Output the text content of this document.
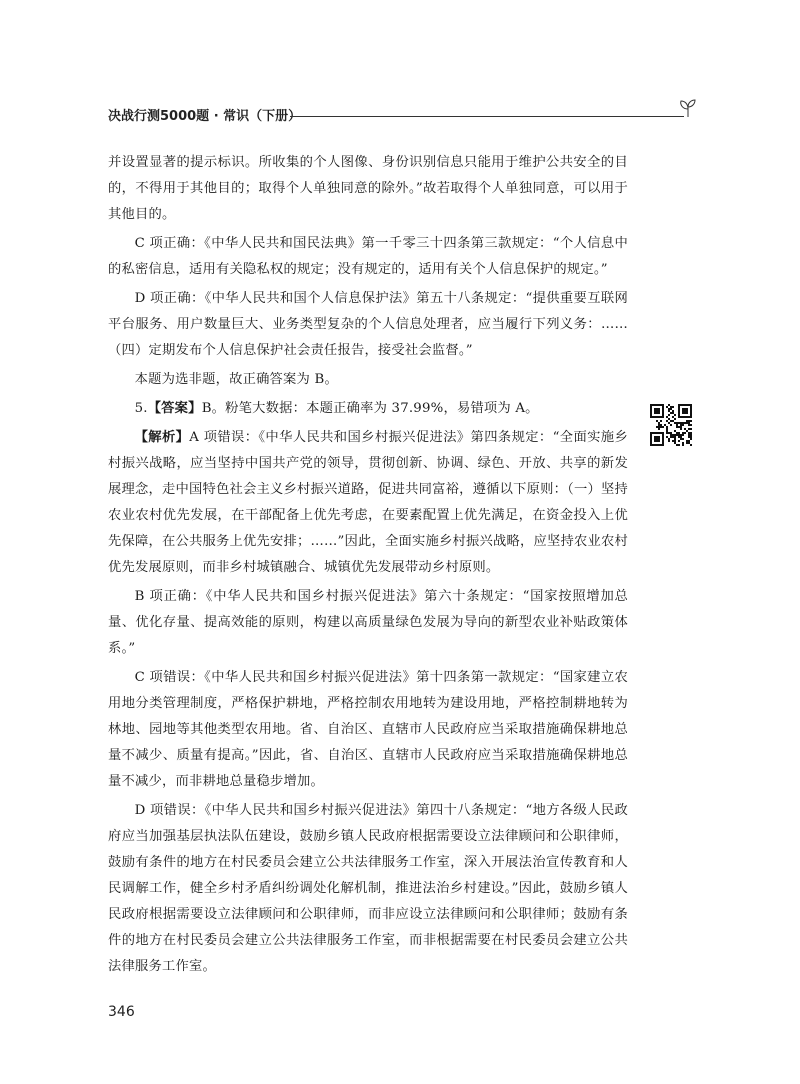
决战行测5000题 · 常识（下册）

并设置显著的提示标识。所收集的个人图像、身份识别信息只能用于维护公共安全的目的，不得用于其他目的；取得个人单独同意的除外。”故若取得个人单独同意，可以用于其他目的。

C 项正确：《中华人民共和国民法典》第一千零三十四条第三款规定：“个人信息中的私密信息，适用有关隐私权的规定；没有规定的，适用有关个人信息保护的规定。”

D 项正确：《中华人民共和国个人信息保护法》第五十八条规定：“提供重要互联网平台服务、用户数量巨大、业务类型复杂的个人信息处理者，应当履行下列义务：……（四）定期发布个人信息保护社会责任报告，接受社会监督。”

本题为选非题，故正确答案为 B。

5.【答案】B。粉笔大数据：本题正确率为 37.99%，易错项为 A。

【解析】A 项错误：《中华人民共和国乡村振兴促进法》第四条规定：“全面实施乡村振兴战略，应当坚持中国共产党的领导，贯彻创新、协调、绿色、开放、共享的新发展理念，走中国特色社会主义乡村振兴道路，促进共同富裕，遵循以下原则：（一）坚持农业农村优先发展，在干部配备上优先考虑，在要素配置上优先满足，在资金投入上优先保障，在公共服务上优先安排；……”因此，全面实施乡村振兴战略，应坚持农业农村优先发展原则，而非乡村城镇融合、城镇优先发展带动乡村原则。

B 项正确：《中华人民共和国乡村振兴促进法》第六十条规定：“国家按照增加总量、优化存量、提高效能的原则，构建以高质量绿色发展为导向的新型农业补贴政策体系。”

C 项错误：《中华人民共和国乡村振兴促进法》第十四条第一款规定：“国家建立农用地分类管理制度，严格保护耕地，严格控制农用地转为建设用地，严格控制耕地转为林地、园地等其他类型农用地。省、自治区、直辖市人民政府应当采取措施确保耕地总量不减少、质量有提高。”因此，省、自治区、直辖市人民政府应当采取措施确保耕地总量不减少，而非耕地总量稳步增加。

D 项错误：《中华人民共和国乡村振兴促进法》第四十八条规定：“地方各级人民政府应当加强基层执法队伍建设，鼓励乡镇人民政府根据需要设立法律顾问和公职律师，鼓励有条件的地方在村民委员会建立公共法律服务工作室，深入开展法治宣传教育和人民调解工作，健全乡村矛盾纠纷调处化解机制，推进法治乡村建设。”因此，鼓励乡镇人民政府根据需要设立法律顾问和公职律师，而非应设立法律顾问和公职律师；鼓励有条件的地方在村民委员会建立公共法律服务工作室，而非根据需要在村民委员会建立公共法律服务工作室。

346
